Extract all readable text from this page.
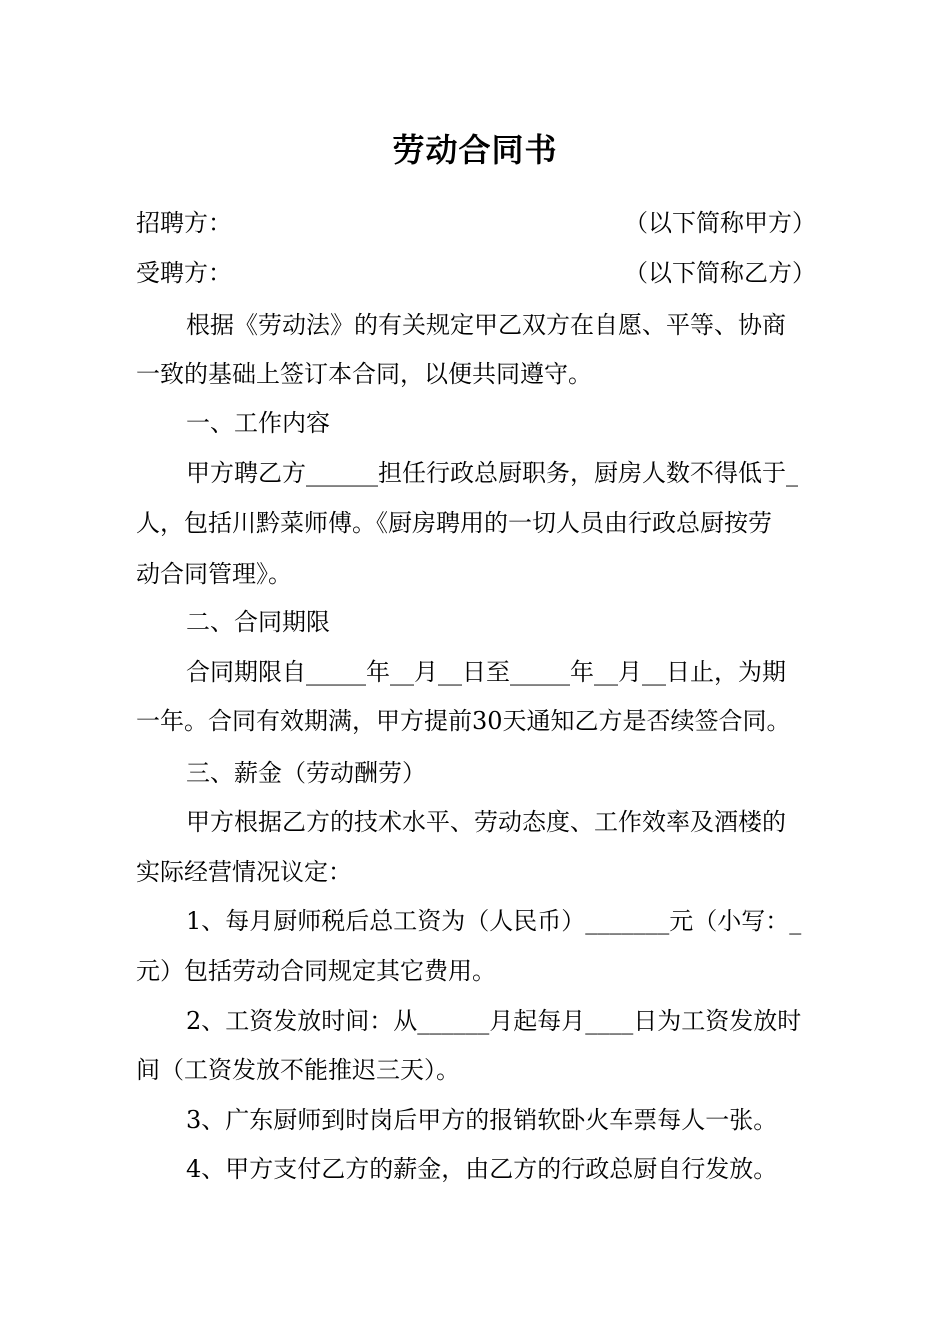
劳动合同书
招聘方：	（以下简称甲方）
受聘方：	（以下简称乙方）
根据《劳动法》的有关规定甲乙双方在自愿、平等、协商
一致的基础上签订本合同，以便共同遵守。
一、工作内容
甲方聘乙方______担任行政总厨职务，厨房人数不得低于_
人，包括川黔菜师傅。《厨房聘用的一切人员由行政总厨按劳
动合同管理》。
二、合同期限
合同期限自_____年__月__日至_____年__月__日止，为期
一年。合同有效期满，甲方提前30天通知乙方是否续签合同。
三、薪金（劳动酬劳）
甲方根据乙方的技术水平、劳动态度、工作效率及酒楼的
实际经营情况议定：
1、每月厨师税后总工资为（人民币）_______元（小写：_
元）包括劳动合同规定其它费用。
2、工资发放时间：从______月起每月____日为工资发放时
间（工资发放不能推迟三天）。
3、广东厨师到时岗后甲方的报销软卧火车票每人一张。
4、甲方支付乙方的薪金，由乙方的行政总厨自行发放。
